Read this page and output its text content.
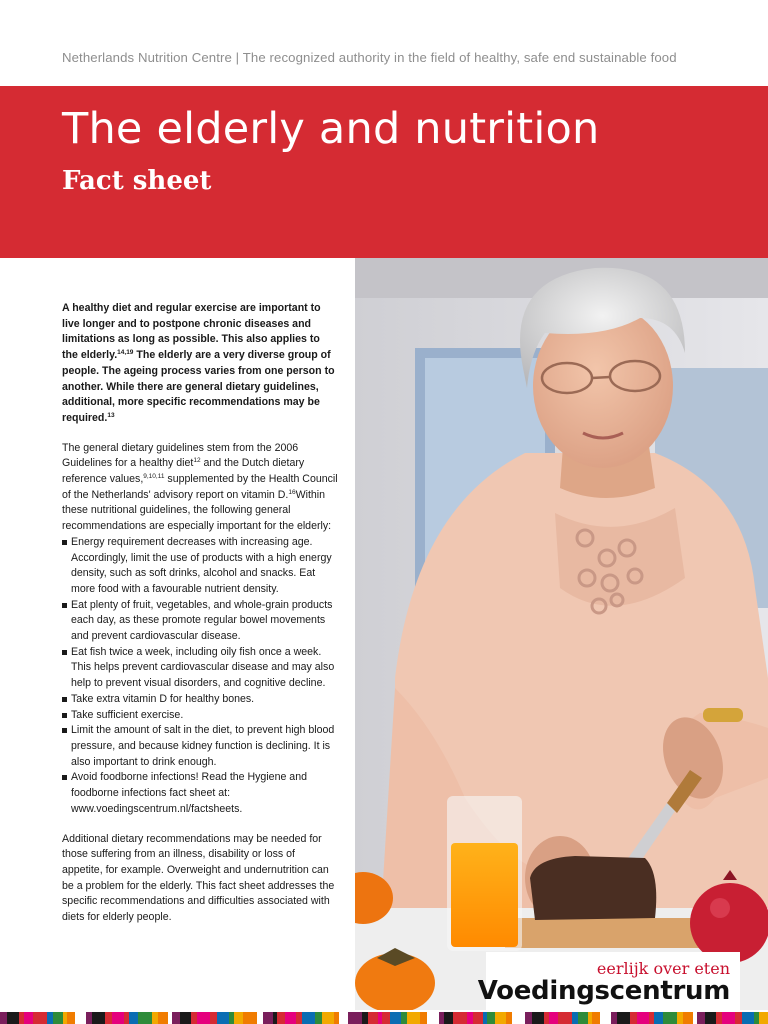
Netherlands Nutrition Centre | The recognized authority in the field of healthy, safe end sustainable food
The elderly and nutrition
Fact sheet

A healthy diet and regular exercise are important to live longer and to postpone chronic diseases and limitations as long as possible. This also applies to the elderly.$^{14,19}$ The elderly are a very diverse group of people. The ageing process varies from one person to another. While there are general dietary guidelines, additional, more specific recommendations may be required.$^{13}$

The general dietary guidelines stem from the 2006 Guidelines for a healthy diet$^{12}$ and the Dutch dietary reference values,$^{9,10,11}$ supplemented by the Health Council of the Netherlands' advisory report on vitamin D.$^{16}$Within these nutritional guidelines, the following general recommendations are especially important for the elderly:

Energy requirement decreases with increasing age. Accordingly, limit the use of products with a high energy density, such as soft drinks, alcohol and snacks. Eat more food with a favourable nutrient density.
Eat plenty of fruit, vegetables, and whole-grain products each day, as these promote regular bowel movements and prevent cardiovascular disease.
Eat fish twice a week, including oily fish once a week. This helps prevent cardiovascular disease and may also help to prevent visual disorders, and cognitive decline.
Take extra vitamin D for healthy bones.
Take sufficient exercise.
Limit the amount of salt in the diet, to prevent high blood pressure, and because kidney function is declining. It is also important to drink enough.
Avoid foodborne infections! Read the Hygiene and foodborne infections fact sheet at: www.voedingscentrum.nl/factsheets.

Additional dietary recommendations may be needed for those suffering from an illness, disability or loss of appetite, for example. Overweight and undernutrition can be a problem for the elderly. This fact sheet addresses the specific recommendations and difficulties associated with diets for elderly people.

eerlijk over eten
Voedingscentrum
